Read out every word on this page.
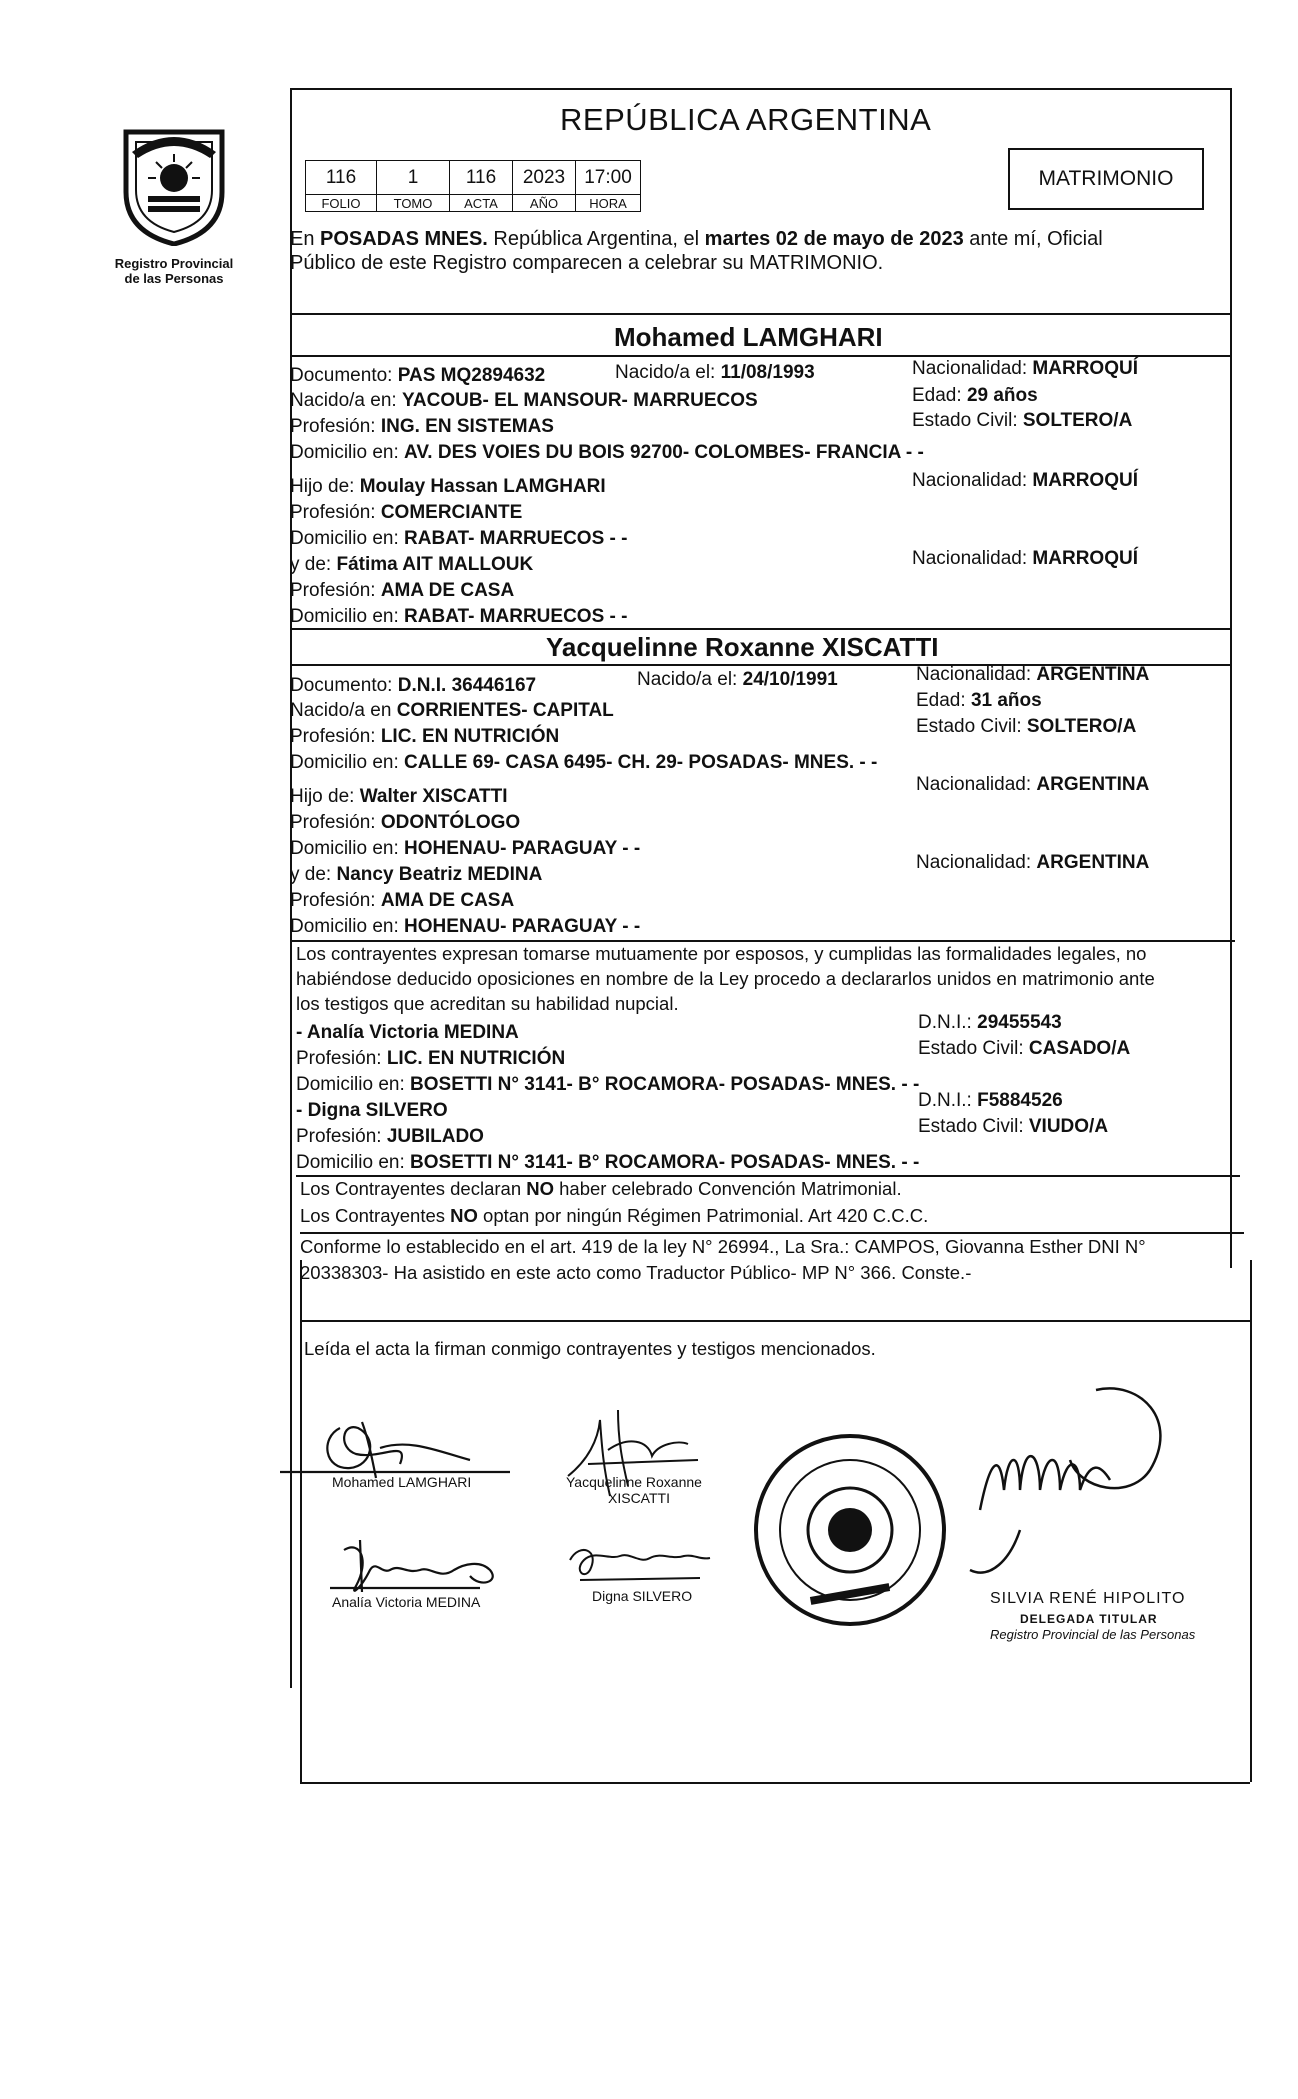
Registro Provincial
de las Personas
REPÚBLICA ARGENTINA
116	1	116	2023	17:00
FOLIO	TOMO	ACTA	AÑO	HORA
MATRIMONIO
En POSADAS MNES. República Argentina, el martes 02 de mayo de 2023 ante mí, Oficial
Público de este Registro comparecen a celebrar su MATRIMONIO.
Mohamed LAMGHARI
Documento: PAS MQ2894632	Nacido/a el: 11/08/1993	Nacionalidad: MARROQUÍ
Nacido/a en: YACOUB- EL MANSOUR- MARRUECOS	Edad: 29 años
Profesión: ING. EN SISTEMAS	Estado Civil: SOLTERO/A
Domicilio en: AV. DES VOIES DU BOIS 92700- COLOMBES- FRANCIA - -
Hijo de: Moulay Hassan LAMGHARI	Nacionalidad: MARROQUÍ
Profesión: COMERCIANTE
Domicilio en: RABAT- MARRUECOS - -
y de: Fátima AIT MALLOUK	Nacionalidad: MARROQUÍ
Profesión: AMA DE CASA
Domicilio en: RABAT- MARRUECOS - -
Yacquelinne Roxanne XISCATTI
Documento: D.N.I. 36446167	Nacido/a el: 24/10/1991	Nacionalidad: ARGENTINA
Nacido/a en CORRIENTES- CAPITAL	Edad: 31 años
Profesión: LIC. EN NUTRICIÓN	Estado Civil: SOLTERO/A
Domicilio en: CALLE 69- CASA 6495- CH. 29- POSADAS- MNES. - -
Hijo de: Walter XISCATTI
Nacionalidad: ARGENTINA
Profesión: ODONTÓLOGO
Domicilio en: HOHENAU- PARAGUAY - -
y de: Nancy Beatriz MEDINA
Nacionalidad: ARGENTINA
Profesión: AMA DE CASA
Domicilio en: HOHENAU- PARAGUAY - -
Los contrayentes expresan tomarse mutuamente por esposos, y cumplidas las formalidades legales, no
habiéndose deducido oposiciones en nombre de la Ley procedo a declararlos unidos en matrimonio ante
los testigos que acreditan su habilidad nupcial.
- Analía Victoria MEDINA	D.N.I.: 29455543
Profesión: LIC. EN NUTRICIÓN	Estado Civil: CASADO/A
Domicilio en: BOSETTI N° 3141- B° ROCAMORA- POSADAS- MNES. - -
- Digna SILVERO	D.N.I.: F5884526
Profesión: JUBILADO	Estado Civil: VIUDO/A
Domicilio en: BOSETTI N° 3141- B° ROCAMORA- POSADAS- MNES. - -
Los Contrayentes declaran NO haber celebrado Convención Matrimonial.
Los Contrayentes NO optan por ningún Régimen Patrimonial. Art 420 C.C.C.
Conforme lo establecido en el art. 419 de la ley N° 26994., La Sra.: CAMPOS, Giovanna Esther DNI N°
20338303- Ha asistido en este acto como Traductor Público- MP N° 366. Conste.-
Leída el acta la firman conmigo contrayentes y testigos mencionados.
Mohamed LAMGHARI	Yacquelinne Roxanne
XISCATTI
Analía Victoria MEDINA	Digna SILVERO	SILVIA RENÉ HIPOLITO
DELEGADA TITULAR
Registro Provincial de las Personas
